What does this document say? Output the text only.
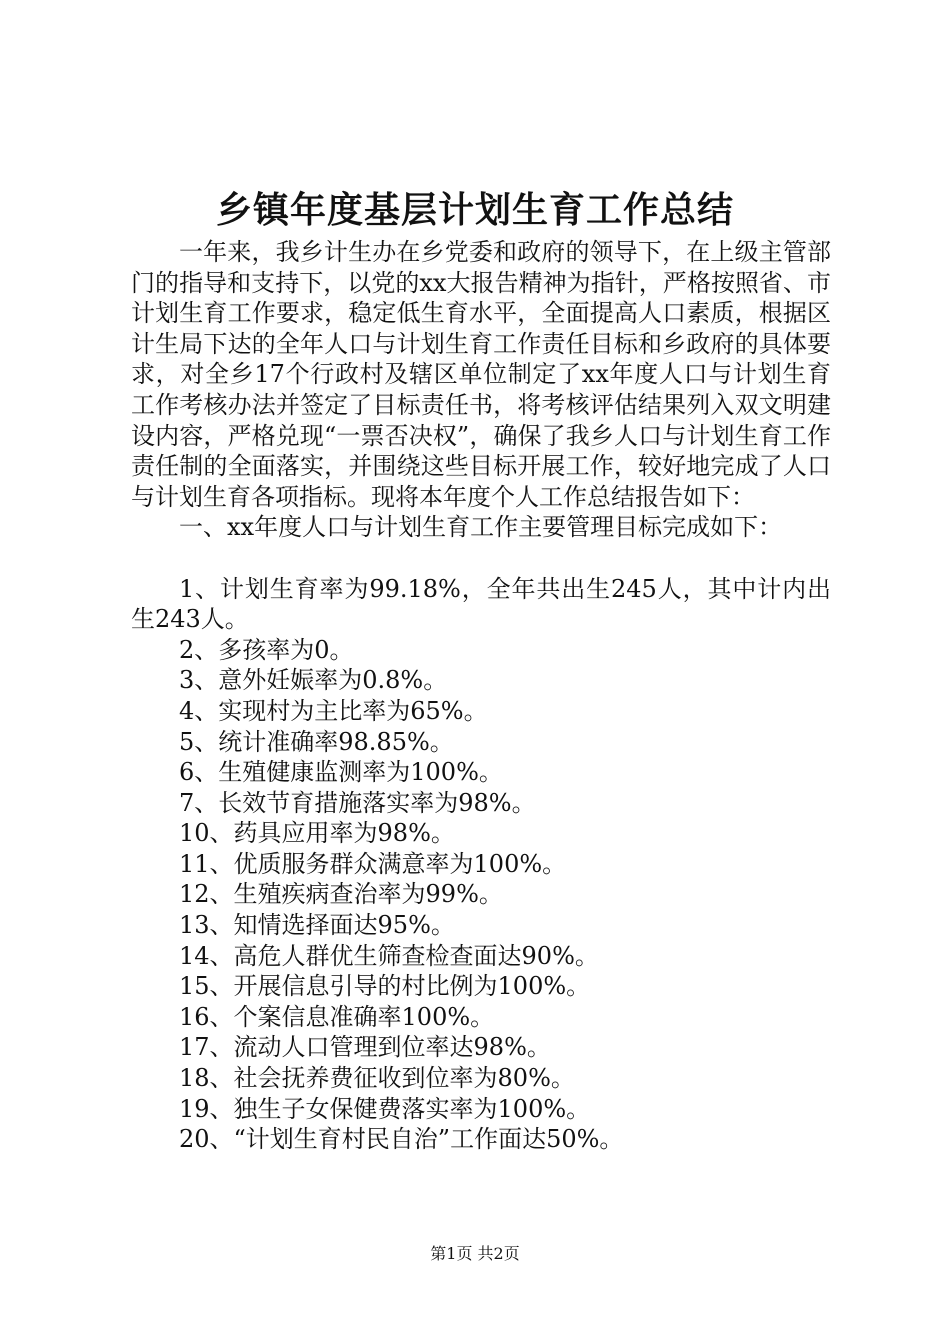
乡镇年度基层计划生育工作总结

一年来，我乡计生办在乡党委和政府的领导下，在上级主管部门的指导和支持下，以党的xx大报告精神为指针，严格按照省、市计划生育工作要求，稳定低生育水平，全面提高人口素质，根据区计生局下达的全年人口与计划生育工作责任目标和乡政府的具体要求，对全乡17个行政村及辖区单位制定了xx年度人口与计划生育工作考核办法并签定了目标责任书，将考核评估结果列入双文明建设内容，严格兑现“一票否决权”，确保了我乡人口与计划生育工作责任制的全面落实，并围绕这些目标开展工作，较好地完成了人口与计划生育各项指标。现将本年度个人工作总结报告如下：

一、xx年度人口与计划生育工作主要管理目标完成如下：

1、计划生育率为99.18%，全年共出生245人，其中计内出生243人。

2、多孩率为0。

3、意外妊娠率为0.8%。

4、实现村为主比率为65%。

5、统计准确率98.85%。

6、生殖健康监测率为100%。

7、长效节育措施落实率为98%。

10、药具应用率为98%。

11、优质服务群众满意率为100%。

12、生殖疾病查治率为99%。

13、知情选择面达95%。

14、高危人群优生筛查检查面达90%。

15、开展信息引导的村比例为100%。

16、个案信息准确率100%。

17、流动人口管理到位率达98%。

18、社会抚养费征收到位率为80%。

19、独生子女保健费落实率为100%。

20、“计划生育村民自治”工作面达50%。

第1页 共2页
